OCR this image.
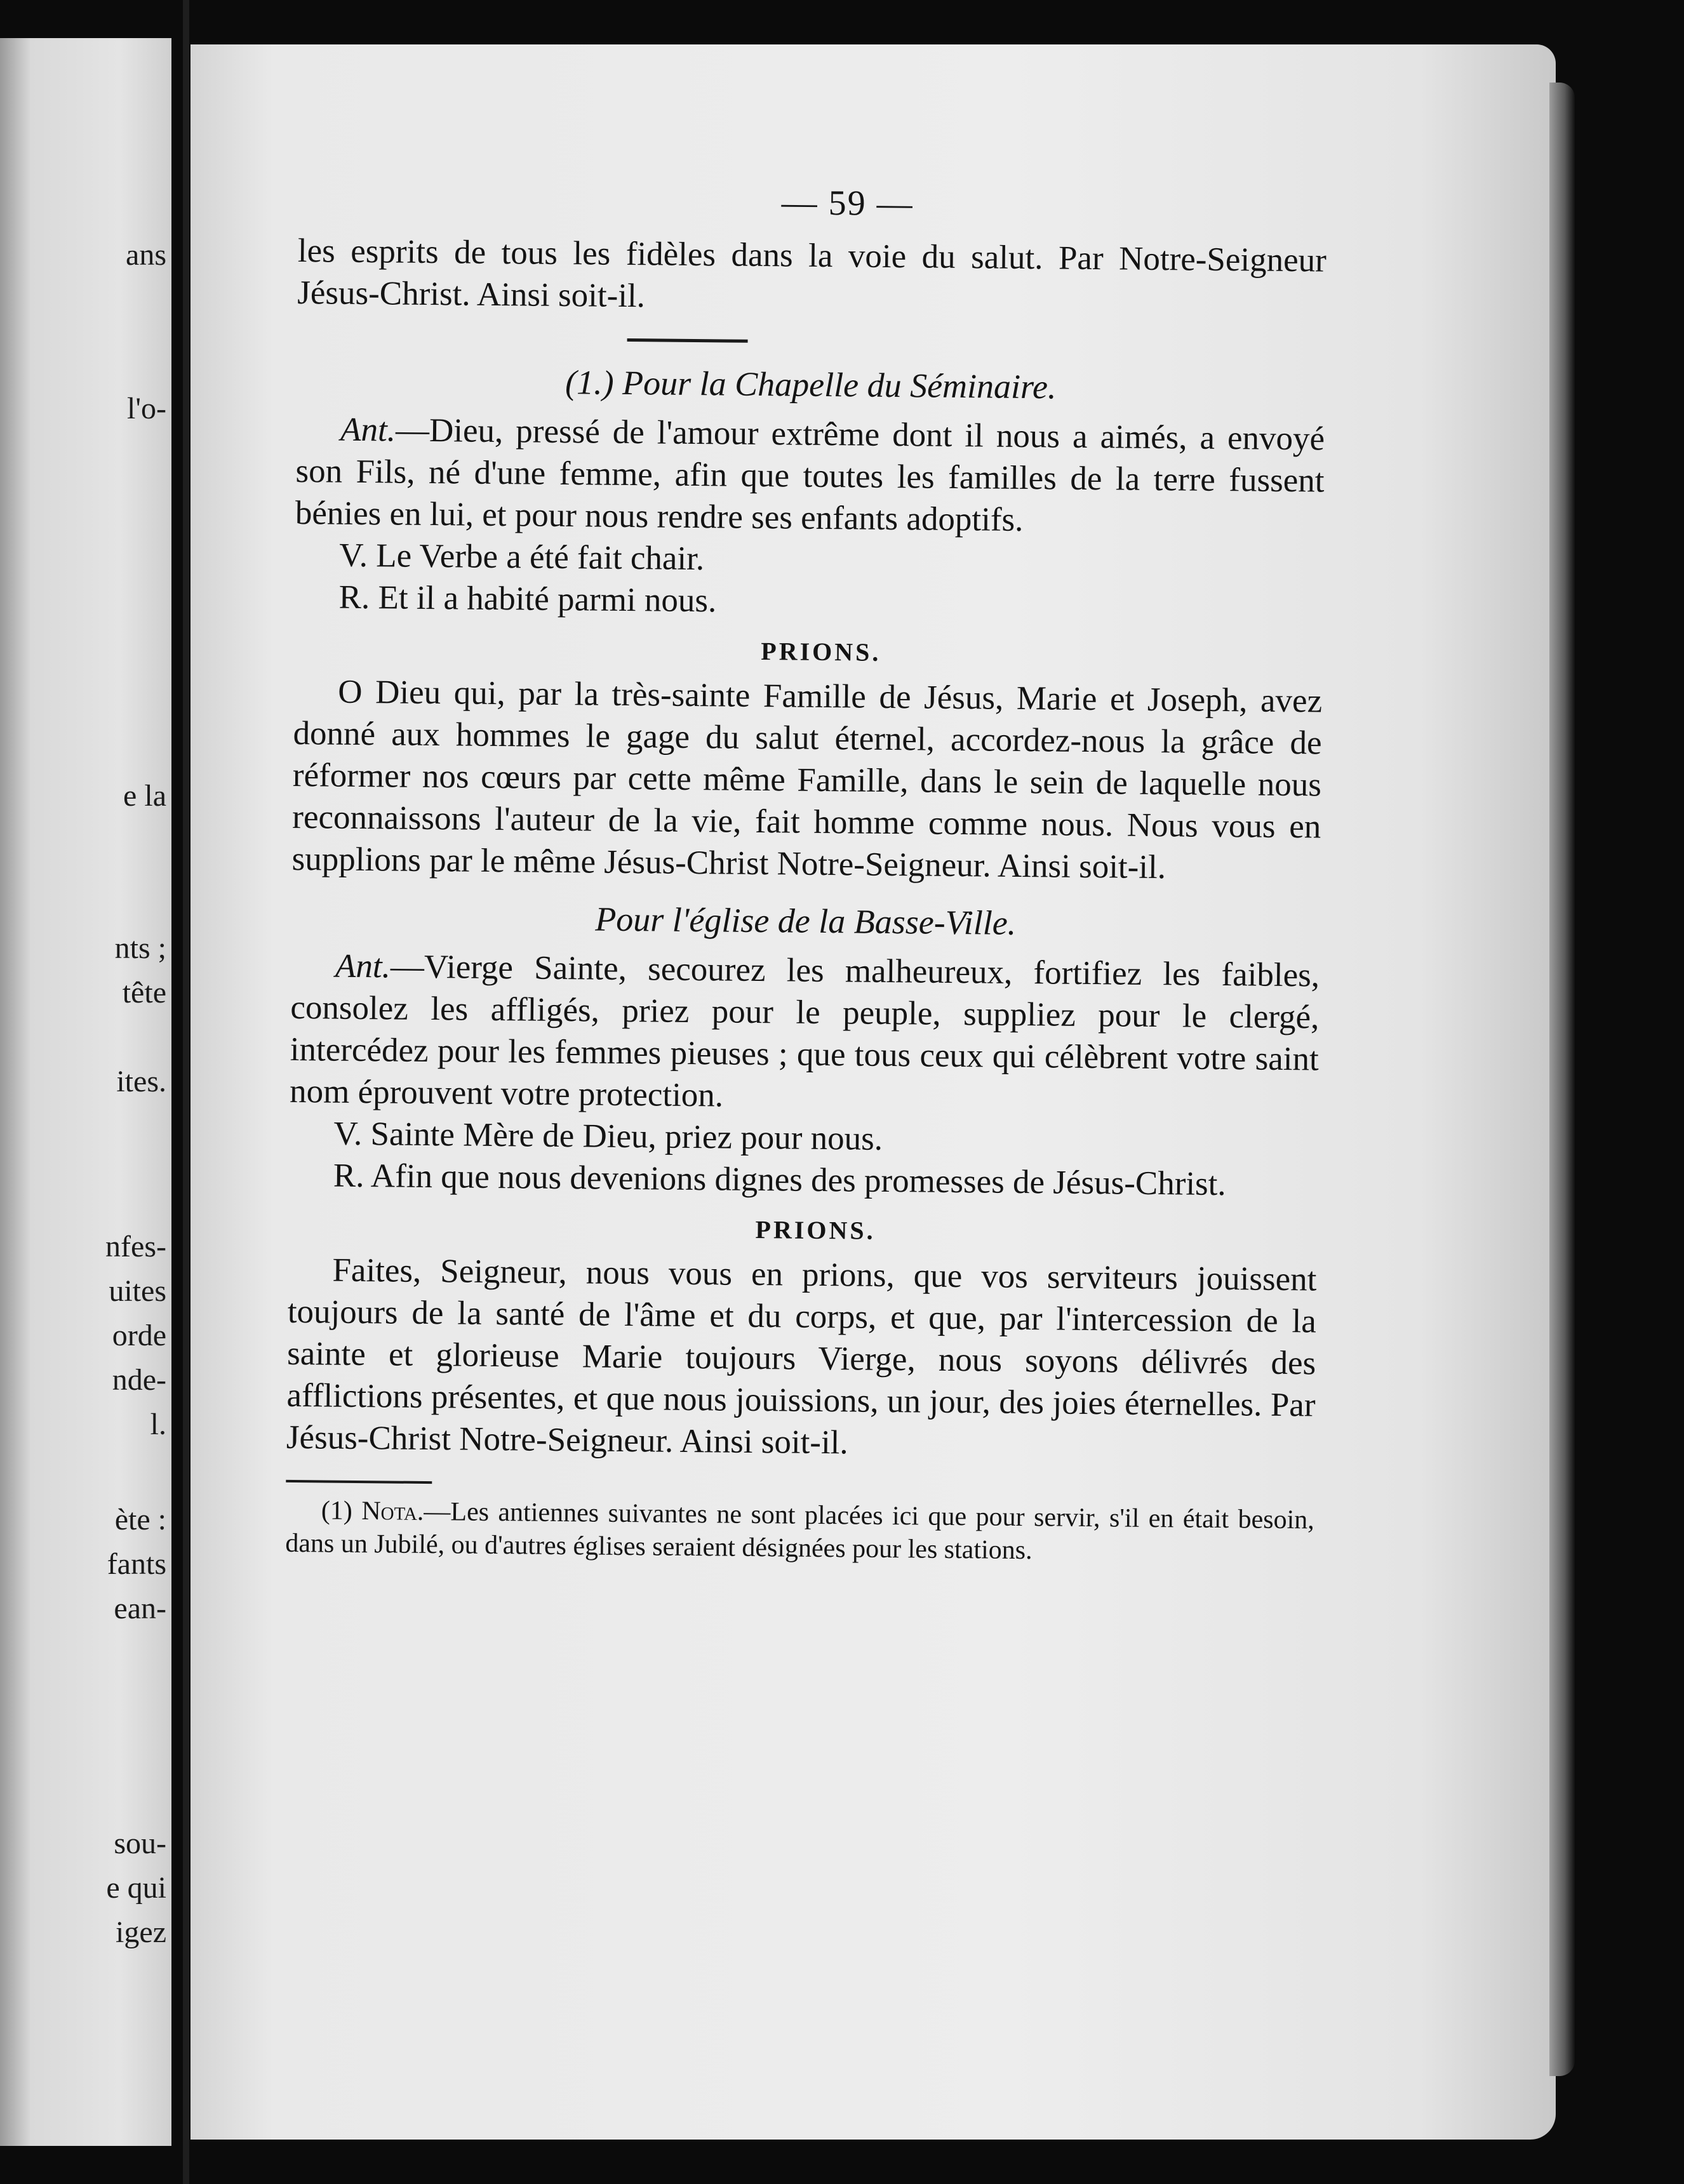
ans
l'o-
e la
nts ;
tête
ites.
nfes-
uites
orde
nde-
l.
ète :
fants
ean-
sou-
e qui
igez
— 59 —

les esprits de tous les fidèles dans la voie du salut. Par Notre-Seigneur Jésus-Christ. Ainsi soit-il.

(1.) Pour la Chapelle du Séminaire.

Ant.—Dieu, pressé de l'amour extrême dont il nous a aimés, a envoyé son Fils, né d'une femme, afin que toutes les familles de la terre fussent bénies en lui, et pour nous rendre ses enfants adoptifs.

V. Le Verbe a été fait chair.

R. Et il a habité parmi nous.

PRIONS.

O Dieu qui, par la très-sainte Famille de Jésus, Marie et Joseph, avez donné aux hommes le gage du salut éternel, accordez-nous la grâce de réformer nos cœurs par cette même Famille, dans le sein de laquelle nous reconnaissons l'auteur de la vie, fait homme comme nous. Nous vous en supplions par le même Jésus-Christ Notre-Seigneur. Ainsi soit-il.

Pour l'église de la Basse-Ville.

Ant.—Vierge Sainte, secourez les malheureux, fortifiez les faibles, consolez les affligés, priez pour le peuple, suppliez pour le clergé, intercédez pour les femmes pieuses ; que tous ceux qui célèbrent votre saint nom éprouvent votre protection.

V. Sainte Mère de Dieu, priez pour nous.

R. Afin que nous devenions dignes des promesses de Jésus-Christ.

PRIONS.

Faites, Seigneur, nous vous en prions, que vos serviteurs jouissent toujours de la santé de l'âme et du corps, et que, par l'intercession de la sainte et glorieuse Marie toujours Vierge, nous soyons délivrés des afflictions présentes, et que nous jouissions, un jour, des joies éternelles. Par Jésus-Christ Notre-Seigneur. Ainsi soit-il.

(1) Nota.—Les antiennes suivantes ne sont placées ici que pour servir, s'il en était besoin, dans un Jubilé, ou d'autres églises seraient désignées pour les stations.
